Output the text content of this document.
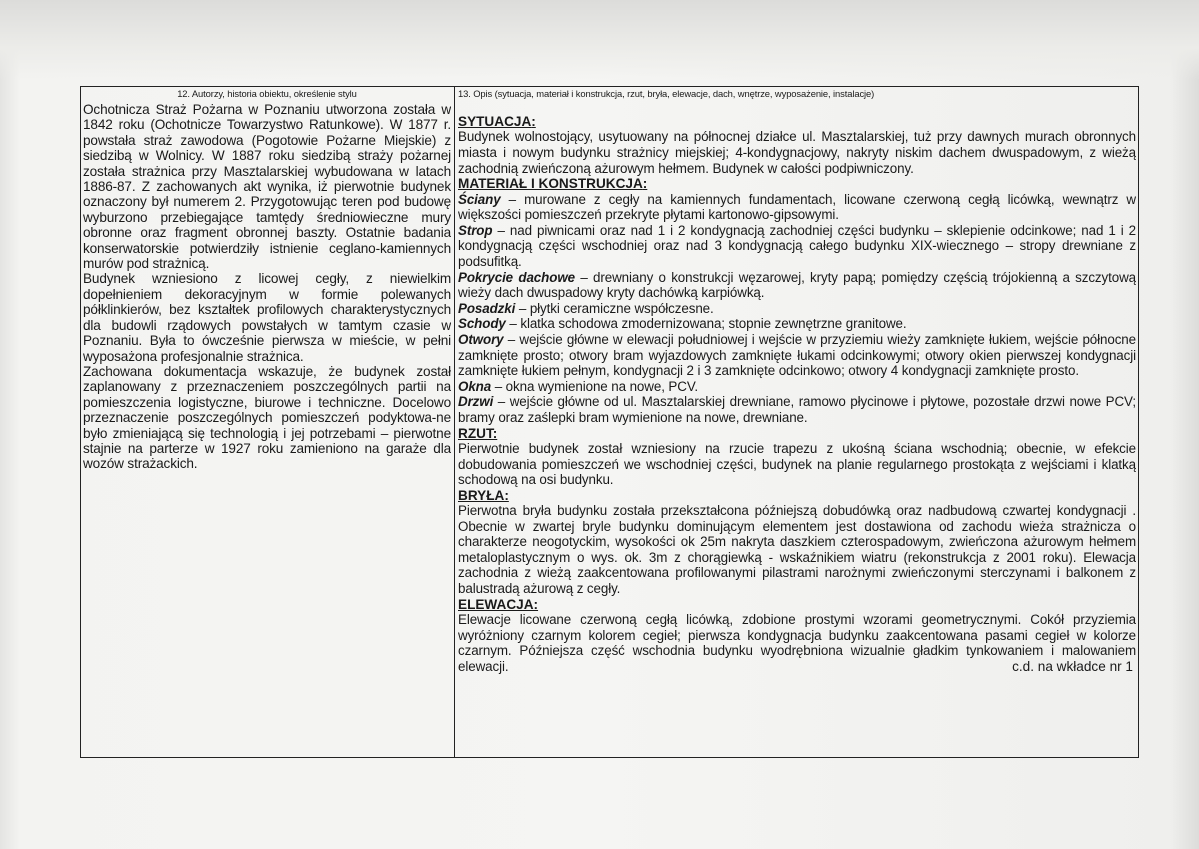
12. Autorzy, historia obiektu, określenie stylu

Ochotnicza Straż Pożarna w Poznaniu utworzona została w 1842 roku (Ochotnicze Towarzystwo Ratunkowe). W 1877 r. powstała straż zawodowa (Pogotowie Pożarne Miejskie) z siedzibą w Wolnicy. W 1887 roku siedzibą straży pożarnej została strażnica przy Masztalarskiej wybudowana w latach 1886-87. Z zachowanych akt wynika, iż pierwotnie budynek oznaczony był numerem 2. Przygotowując teren pod budowę wyburzono przebiegające tamtędy średniowieczne mury obronne oraz fragment obronnej baszty. Ostatnie badania konserwatorskie potwierdziły istnienie ceglano-kamiennych murów pod strażnicą.

Budynek wzniesiono z licowej cegły, z niewielkim dopełnieniem dekoracyjnym w formie polewanych półklinkierów, bez kształtek profilowych charakterystycznych dla budowli rządowych powstałych w tamtym czasie w Poznaniu. Była to ówcześnie pierwsza w mieście, w pełni wyposażona profesjonalnie strażnica.

Zachowana dokumentacja wskazuje, że budynek został zaplanowany z przeznaczeniem poszczególnych partii na pomieszczenia logistyczne, biurowe i techniczne. Docelowo przeznaczenie poszczególnych pomieszczeń podyktowa-ne było zmieniającą się technologią i jej potrzebami – pierwotne stajnie na parterze w 1927 roku zamieniono na garaże dla wozów strażackich.

13. Opis (sytuacja, materiał i konstrukcja, rzut, bryła, elewacje, dach, wnętrze, wyposażenie, instalacje)
SYTUACJA:
Budynek wolnostojący, usytuowany na północnej działce ul. Masztalarskiej, tuż przy dawnych murach obronnych miasta i nowym budynku strażnicy miejskiej; 4-kondygnacjowy, nakryty niskim dachem dwuspadowym, z wieżą zachodnią zwieńczoną ażurowym hełmem. Budynek w całości podpiwniczony.
MATERIAŁ I KONSTRUKCJA:
Ściany – murowane z cegły na kamiennych fundamentach, licowane czerwoną cegłą licówką, wewnątrz w większości pomieszczeń przekryte płytami kartonowo-gipsowymi.
Strop – nad piwnicami oraz nad 1 i 2 kondygnacją zachodniej części budynku – sklepienie odcinkowe; nad 1 i 2 kondygnacją części wschodniej oraz nad 3 kondygnacją całego budynku XIX-wiecznego – stropy drewniane z podsufitką.
Pokrycie dachowe – drewniany o konstrukcji węzarowej, kryty papą; pomiędzy częścią trójokienną a szczytową wieży dach dwuspadowy kryty dachówką karpiówką.
Posadzki – płytki ceramiczne współczesne.
Schody – klatka schodowa zmodernizowana; stopnie zewnętrzne granitowe.
Otwory – wejście główne w elewacji południowej i wejście w przyziemiu wieży zamknięte łukiem, wejście północne zamknięte prosto; otwory bram wyjazdowych zamknięte łukami odcinkowymi; otwory okien pierwszej kondygnacji zamknięte łukiem pełnym, kondygnacji 2 i 3 zamknięte odcinkowo; otwory 4 kondygnacji zamknięte prosto.
Okna – okna wymienione na nowe, PCV.
Drzwi – wejście główne od ul. Masztalarskiej drewniane, ramowo płycinowe i płytowe, pozostałe drzwi nowe PCV; bramy oraz zaślepki bram wymienione na nowe, drewniane.
RZUT:
Pierwotnie budynek został wzniesiony na rzucie trapezu z ukośną ściana wschodnią; obecnie, w efekcie dobudowania pomieszczeń we wschodniej części, budynek na planie regularnego prostokąta z wejściami i klatką schodową na osi budynku.
BRYŁA:
Pierwotna bryła budynku została przekształcona późniejszą dobudówką oraz nadbudową czwartej kondygnacji . Obecnie w zwartej bryle budynku dominującym elementem jest dostawiona od zachodu wieża strażnicza o charakterze neogotyckim, wysokości ok 25m nakryta daszkiem czterospadowym, zwieńczona ażurowym hełmem metaloplastycznym o wys. ok. 3m z chorągiewką - wskaźnikiem wiatru (rekonstrukcja z 2001 roku). Elewacja zachodnia z wieżą zaakcentowana profilowanymi pilastrami narożnymi zwieńczonymi sterczynami i balkonem z balustradą ażurową z cegły.
ELEWACJA:
Elewacje licowane czerwoną cegłą licówką, zdobione prostymi wzorami geometrycznymi. Cokół przyziemia wyróżniony czarnym kolorem cegieł; pierwsza kondygnacja budynku zaakcentowana pasami cegieł w kolorze czarnym. Późniejsza część wschodnia budynku wyodrębniona wizualnie gładkim tynkowaniem i malowaniem elewacji.	c.d. na wkładce nr 1
